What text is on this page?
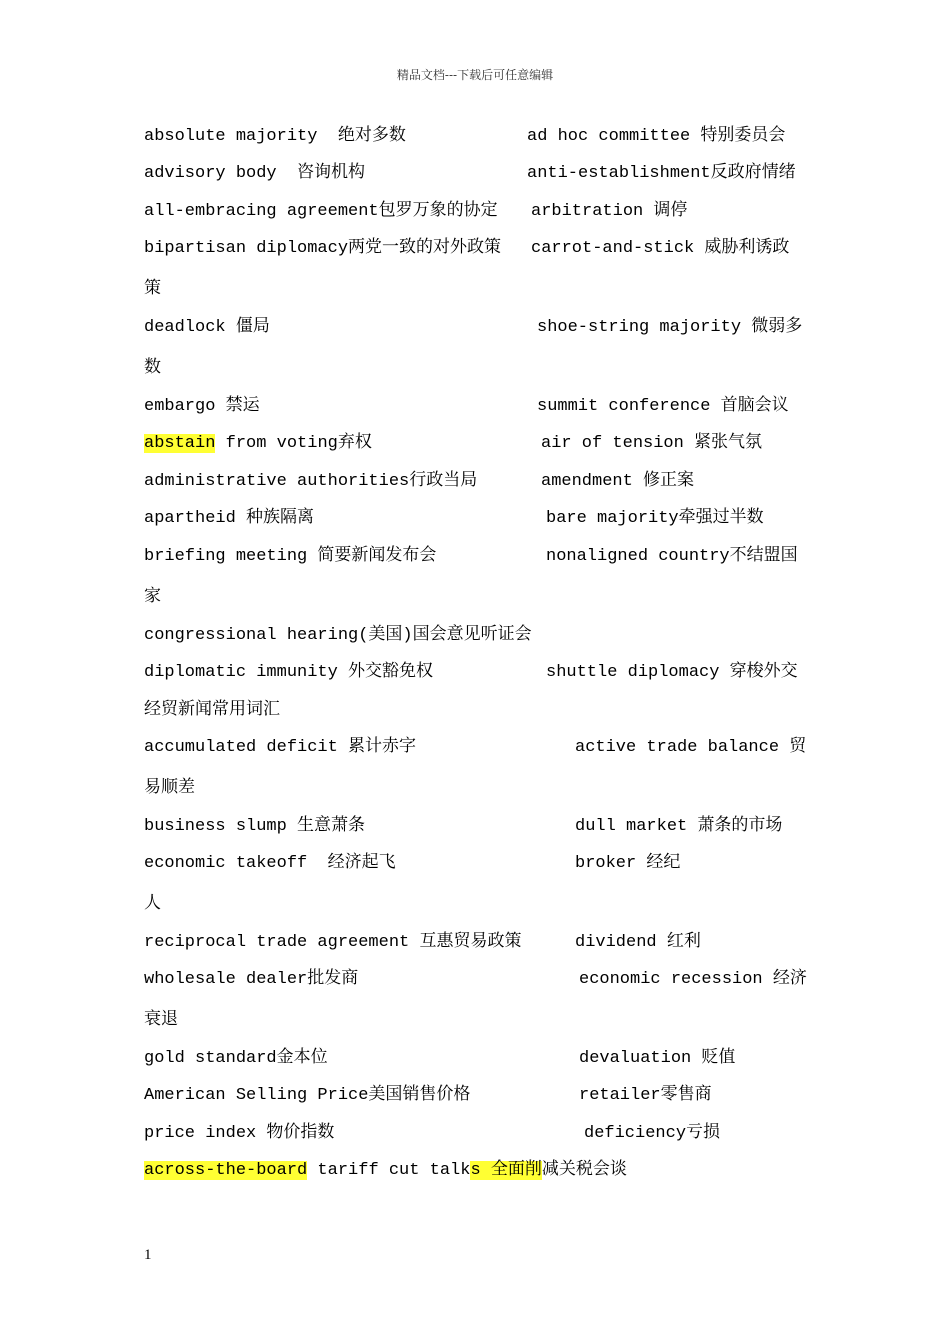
精品文档---下载后可任意编辑
absolute majority  绝对多数	ad hoc committee 特别委员会
advisory body  咨询机构	anti-establishment反政府情绪
all-embracing agreement包罗万象的协定 arbitration 调停
bipartisan diplomacy两党一致的对外政策 carrot-and-stick 威胁利诱政
策
deadlock 僵局	shoe-string majority 微弱多
数
embargo 禁运	summit conference 首脑会议
abstain from voting弃权	air of tension 紧张气氛
administrative authorities行政当局	amendment 修正案
apartheid 种族隔离	bare majority牵强过半数
briefing meeting 简要新闻发布会	nonaligned country不结盟国
家
congressional hearing(美国)国会意见听证会
diplomatic immunity 外交豁免权	shuttle diplomacy 穿梭外交
经贸新闻常用词汇
accumulated deficit 累计赤字	active trade balance 贸
易顺差
business slump 生意萧条	dull market 萧条的市场
economic takeoff  经济起飞	broker 经纪
人
reciprocal trade agreement 互惠贸易政策	dividend 红利
wholesale dealer批发商	economic recession 经济
衰退
gold standard金本位	devaluation 贬值
American Selling Price美国销售价格	retailer零售商
price index 物价指数	deficiency亏损
across-the-board tariff cut talks 全面削减关税会谈
1
